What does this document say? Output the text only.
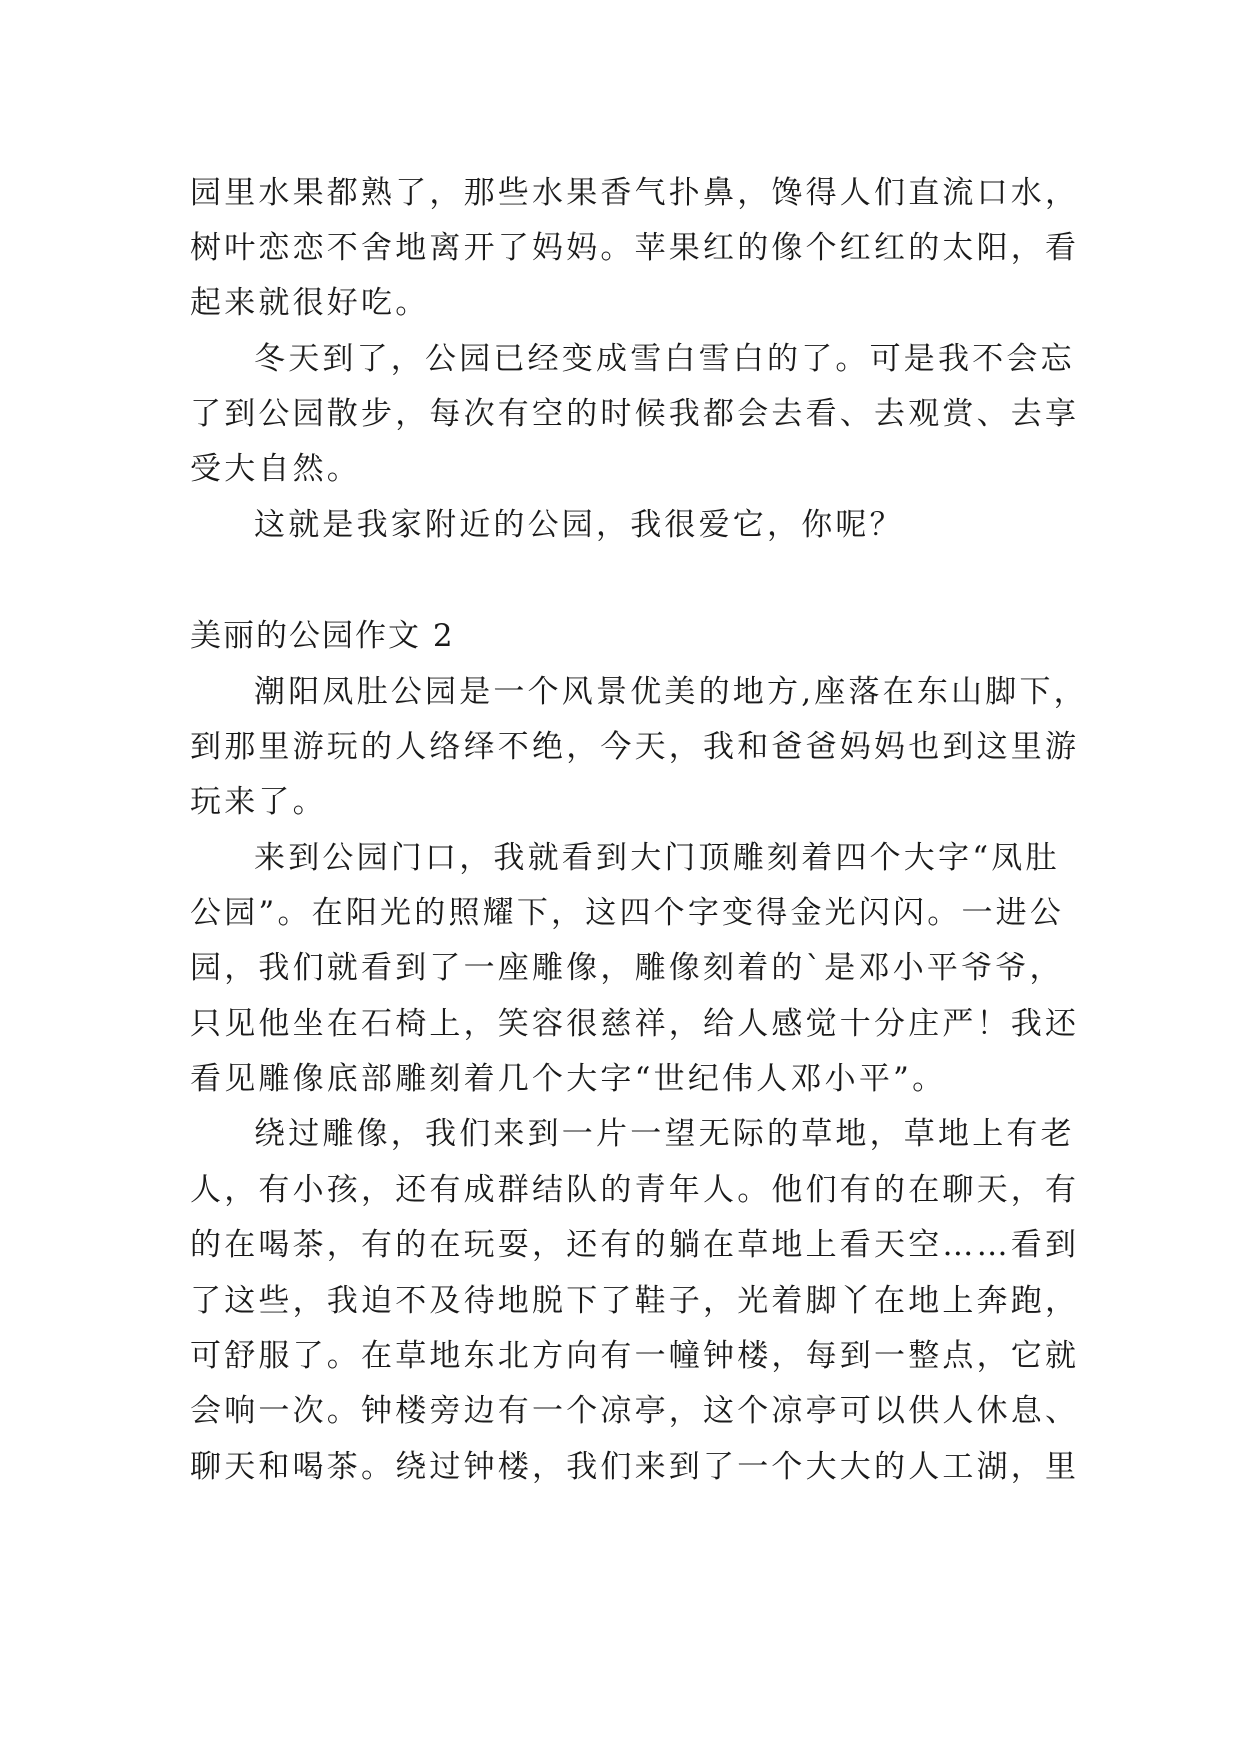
园里水果都熟了，那些水果香气扑鼻，馋得人们直流口水，

树叶恋恋不舍地离开了妈妈。苹果红的像个红红的太阳，看

起来就很好吃。

冬天到了，公园已经变成雪白雪白的了。可是我不会忘

了到公园散步，每次有空的时候我都会去看、去观赏、去享

受大自然。

这就是我家附近的公园，我很爱它，你呢？

美丽的公园作文 2

潮阳凤肚公园是一个风景优美的地方,座落在东山脚下，

到那里游玩的人络绎不绝，今天，我和爸爸妈妈也到这里游

玩来了。

来到公园门口，我就看到大门顶雕刻着四个大字“凤肚

公园”。在阳光的照耀下，这四个字变得金光闪闪。一进公

园，我们就看到了一座雕像，雕像刻着的`是邓小平爷爷，

只见他坐在石椅上，笑容很慈祥，给人感觉十分庄严！我还

看见雕像底部雕刻着几个大字“世纪伟人邓小平”。

绕过雕像，我们来到一片一望无际的草地，草地上有老

人，有小孩，还有成群结队的青年人。他们有的在聊天，有

的在喝茶，有的在玩耍，还有的躺在草地上看天空……看到

了这些，我迫不及待地脱下了鞋子，光着脚丫在地上奔跑，

可舒服了。在草地东北方向有一幢钟楼，每到一整点，它就

会响一次。钟楼旁边有一个凉亭，这个凉亭可以供人休息、

聊天和喝茶。绕过钟楼，我们来到了一个大大的人工湖，里
